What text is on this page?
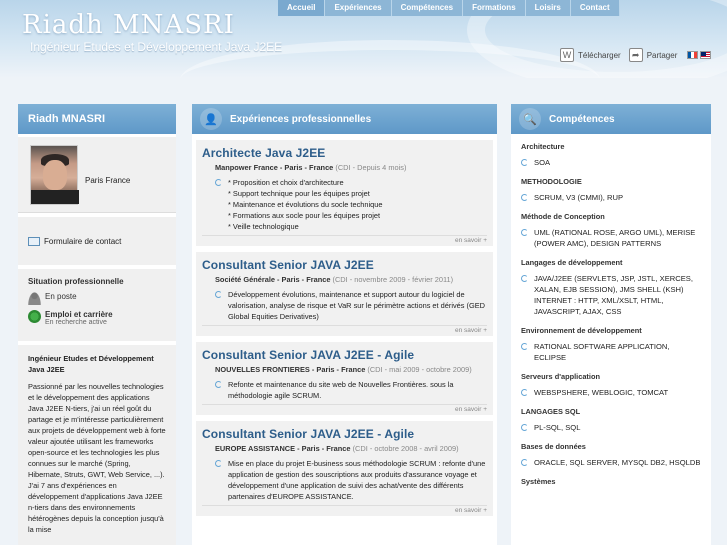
Riadh MNASRI
Ingénieur Etudes et Développement Java J2EE
Accueil	Expériences	Compétences	Formations	Loisirs	Contact
W Télécharger	➦ Partager
Riadh MNASRI
Paris France
Formulaire de contact
Situation professionnelle
En poste
Emploi et carrière
En recherche active
Ingénieur Etudes et Développement Java J2EE
Passionné par les nouvelles technologies et le développement des applications Java J2EE N-tiers, j'ai un réel goût du partage et je m'intéresse particulièrement aux projets de développement web à forte valeur ajoutée utilisant les frameworks open-source et les technologies les plus connues sur le marché (Spring, Hibernate, Struts, GWT, Web Service, ...).
J'ai 7 ans d'expériences en développement d'applications Java J2EE n-tiers dans des environnements hétérogènes depuis la conception jusqu'à la mise
👤	Expériences professionnelles
Architecte Java J2EE
Manpower France - Paris - France (CDI - Depuis 4 mois)
* Proposition et choix d'architecture
* Support technique pour les équipes projet
* Maintenance et évolutions du socle technique
* Formations aux socle pour les équipes projet
* Veille technologique
en savoir +
Consultant Senior JAVA J2EE
Société Générale - Paris - France (CDI - novembre 2009 - février 2011)
Développement évolutions, maintenance et support autour du logiciel de valorisation, analyse de risque et VaR sur le périmètre actions et dérivés (GED Global Equities Derivatives)
en savoir +
Consultant Senior JAVA J2EE - Agile
NOUVELLES FRONTIERES - Paris - France (CDI - mai 2009 - octobre 2009)
Refonte et maintenance du site web de Nouvelles Frontières. sous la méthodologie agile SCRUM.
en savoir +
Consultant Senior JAVA J2EE - Agile
EUROPE ASSISTANCE - Paris - France (CDI - octobre 2008 - avril 2009)
Mise en place du projet E-business sous méthodologie SCRUM : refonte d'une application de gestion des souscriptions aux produits d'assurance voyage et développement d'une application de suivi des achat/vente des différents partenaires d'EUROPE ASSISTANCE.
en savoir +
🔍	Compétences
Architecture
SOA
METHODOLOGIE
SCRUM, V3 (CMMI), RUP
Méthode de Conception
UML (RATIONAL ROSE, ARGO UML), MERISE (POWER AMC), DESIGN PATTERNS
Langages de développement
JAVA/J2EE (SERVLETS, JSP, JSTL, XERCES, XALAN, EJB SESSION), JMS SHELL (KSH) INTERNET : HTTP, XML/XSLT, HTML, JAVASCRIPT, AJAX, CSS
Environnement de développement
RATIONAL SOFTWARE APPLICATION, ECLIPSE
Serveurs d'application
WEBSPSHERE, WEBLOGIC, TOMCAT
LANGAGES SQL
PL-SQL, SQL
Bases de données
ORACLE, SQL SERVER, MYSQL DB2, HSQLDB
Systèmes
